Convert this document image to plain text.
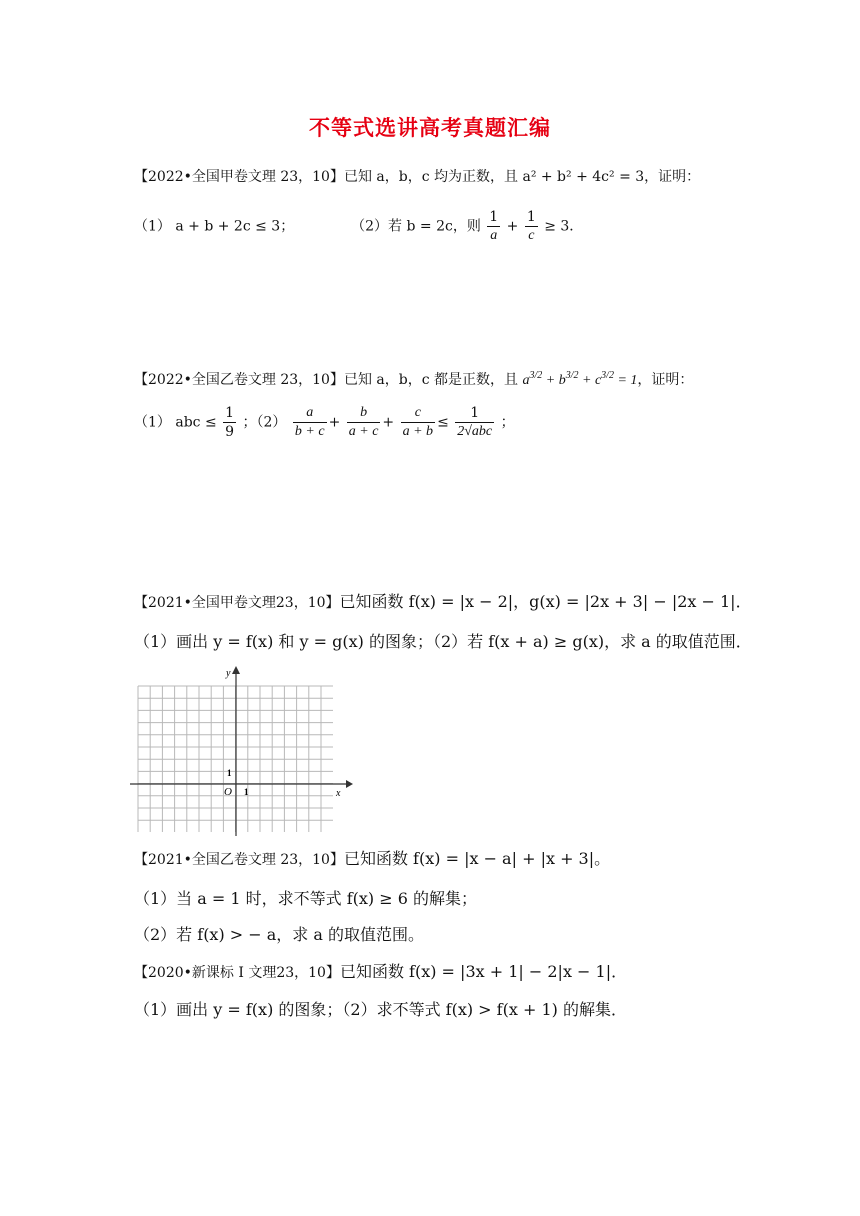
不等式选讲高考真题汇编
【2022•全国甲卷文理 23，10】已知 a，b，c 均为正数，且 a² + b² + 4c² = 3，证明：
（1） a + b + 2c ≤ 3；	（2）若 b = 2c，则 $\frac{1}{a} + \frac{1}{c} \ge 3$．
【2022•全国乙卷文理 23，10】已知 a，b，c 都是正数，且 $a^{3/2} + b^{3/2} + c^{3/2} = 1$，证明：
（1） abc ≤ $\frac{1}{9}$ ；$(2) \frac{a}{b + c} + \frac{b}{a + c} + \frac{c}{a + b} \le \frac{1}{\text{2√abc}}$ ；
【2021•全国甲卷文理23，10】已知函数 f(x) = |x − 2|，g(x) = |2x + 3| − |2x − 1|．
（1）画出 y = f(x) 和 y = g(x) 的图象；（2）若 f(x + a) ≥ g(x)，求 a 的取值范围．
y
x
O 1
1
【2021•全国乙卷文理 23，10】已知函数 f(x) = |x − a| + |x + 3|。
（1）当 a = 1 时，求不等式 f(x) ≥ 6 的解集；
（2）若 f(x) > − a，求 a 的取值范围。
【2020•新课标 I 文理23，10】已知函数 f(x) = |3x + 1| − 2|x − 1|．
（1）画出 y = f(x) 的图象；（2）求不等式 f(x) > f(x + 1) 的解集．
